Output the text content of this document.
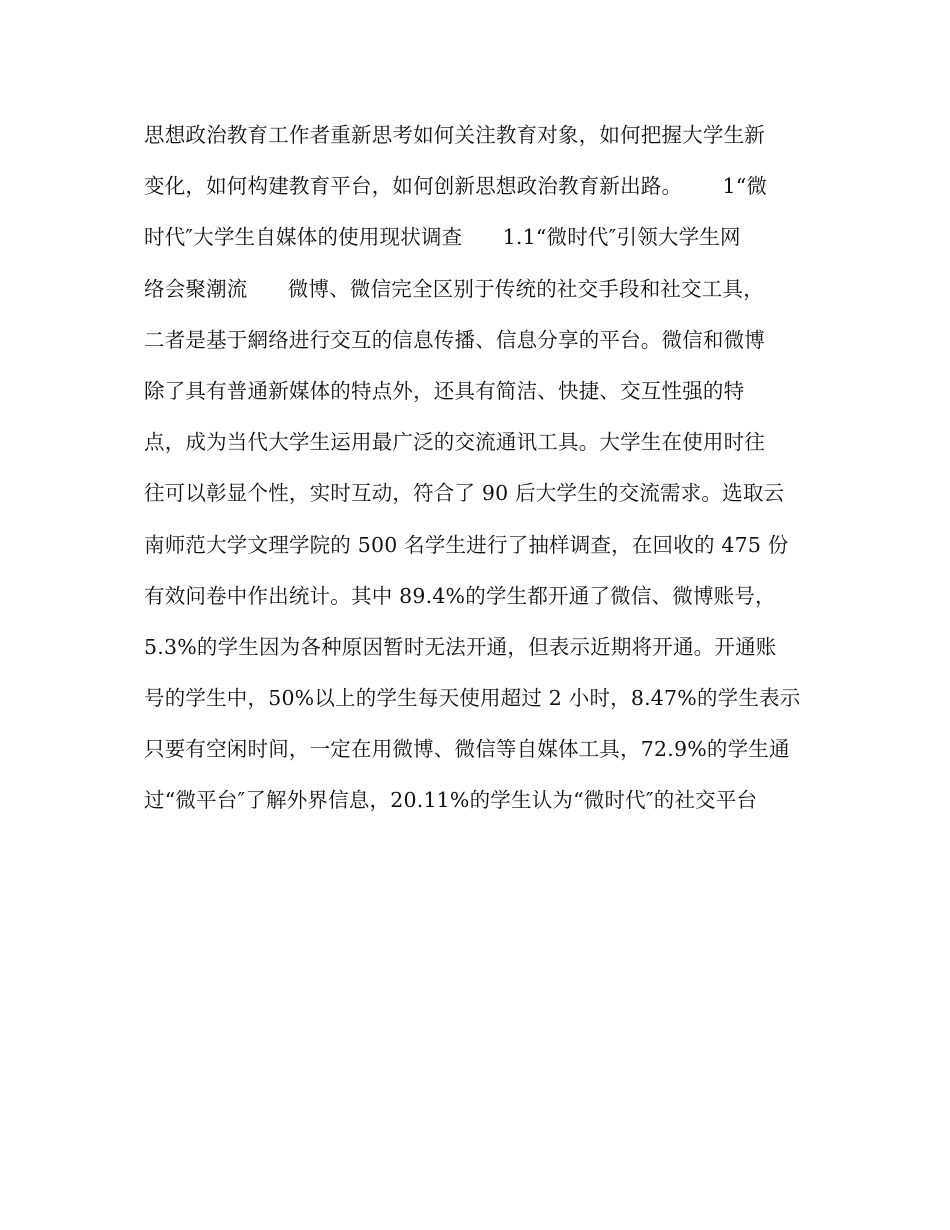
思想政治教育工作者重新思考如何关注教育对象，如何把握大学生新
变化，如何构建教育平台，如何创新思想政治教育新出路。      1“微
时代″大学生自媒体的使用现状调查      1.1“微时代″引领大学生网
络会聚潮流      微博、微信完全区别于传统的社交手段和社交工具，
二者是基于網络进行交互的信息传播、信息分享的平台。微信和微博
除了具有普通新媒体的特点外，还具有简洁、快捷、交互性强的特
点，成为当代大学生运用最广泛的交流通讯工具。大学生在使用时往
往可以彰显个性，实时互动，符合了 90 后大学生的交流需求。选取云
南师范大学文理学院的 500 名学生进行了抽样调查，在回收的 475 份
有效问卷中作出统计。其中 89.4%的学生都开通了微信、微博账号，
5.3%的学生因为各种原因暂时无法开通，但表示近期将开通。开通账
号的学生中，50%以上的学生每天使用超过 2 小时，8.47%的学生表示
只要有空闲时间，一定在用微博、微信等自媒体工具，72.9%的学生通
过“微平台″了解外界信息，20.11%的学生认为“微时代″的社交平台
